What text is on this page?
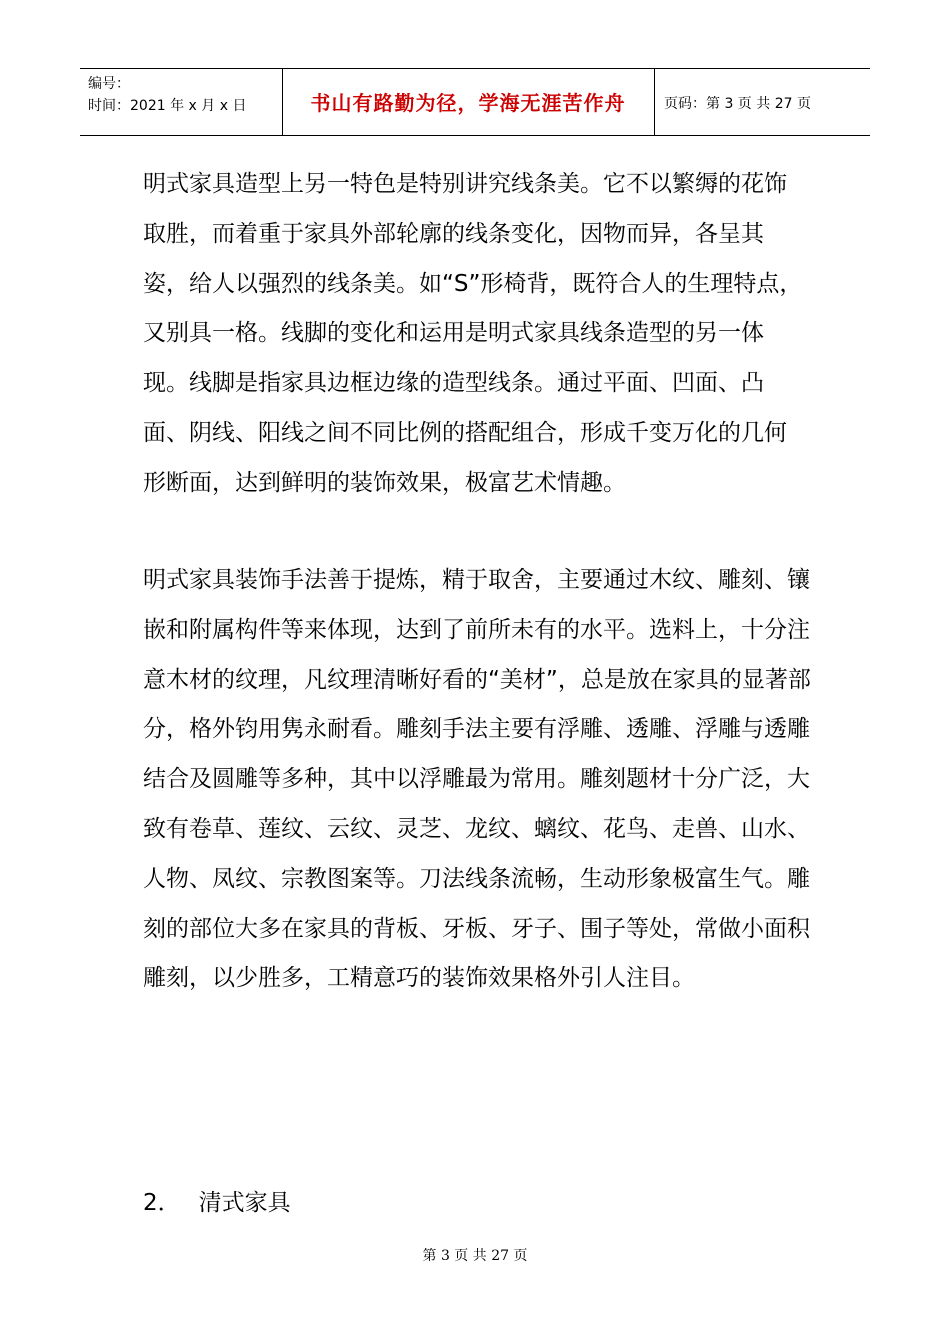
编号：
时间：2021 年 x 月 x 日	书山有路勤为径，学海无涯苦作舟	页码：第 3 页 共 27 页

明式家具造型上另一特色是特别讲究线条美。它不以繁缛的花饰取胜，而着重于家具外部轮廓的线条变化，因物而异，各呈其姿，给人以强烈的线条美。如“S”形椅背，既符合人的生理特点，又别具一格。线脚的变化和运用是明式家具线条造型的另一体现。线脚是指家具边框边缘的造型线条。通过平面、凹面、凸面、阴线、阳线之间不同比例的搭配组合，形成千变万化的几何形断面，达到鲜明的装饰效果，极富艺术情趣。

明式家具装饰手法善于提炼，精于取舍，主要通过木纹、雕刻、镶嵌和附属构件等来体现，达到了前所未有的水平。选料上，十分注意木材的纹理，凡纹理清晰好看的“美材”，总是放在家具的显著部分，格外钧用隽永耐看。雕刻手法主要有浮雕、透雕、浮雕与透雕结合及圆雕等多种，其中以浮雕最为常用。雕刻题材十分广泛，大致有卷草、莲纹、云纹、灵芝、龙纹、螭纹、花鸟、走兽、山水、人物、凤纹、宗教图案等。刀法线条流畅，生动形象极富生气。雕刻的部位大多在家具的背板、牙板、牙子、围子等处，常做小面积雕刻，以少胜多，工精意巧的装饰效果格外引人注目。

2． 清式家具
第 3 页 共 27 页
